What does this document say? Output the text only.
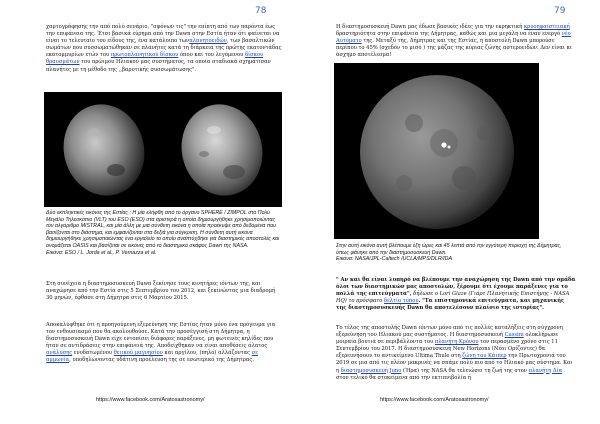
78

χαρτογράφησης την από πολύ σενάριο, "σφόνων τις" την επίπτη από των παρόντα έως την επιφάνεια της. Έτσι βασικά εύρημα από την Dawn στην Εστία ήταν ότι φαίνεται να είναι το τελευταίο του είδους της, ένα κατάλοιπο τωνπλανητοειδών, των βασαλτικών σωμάτων που συσσωματώθηκαν σε πλανήτες κατά τη διάρκεια της πρώτης εκατοντάδας εκατομμυρίων ετών του πρωτοπλανητικού δίσκου όπου και του λεγόμενου δίσκου θραυσμάτων του πρώιμου Ηλιακού μας συστήματος, τα οποία σταδιακά σχημάτισαν πλανήτες με τη μέθοδο της ,,βαρυτικής συσσωμάτωσης".

Δύο εκπληκτικές εικόνες της Εστίας : Η μία ελήφθη από το όργανο SPHERE / ZIMPOL στο Πολύ Μεγάλο Τηλεσκόπιο (VLT) του ESO (ESO) στα αριστερά η οποία δημιουργήθηκε χρησιμοποιώντας τον αλγόριθμο MISTRAL, και μία άλλη με μια σύνθετη εικόνα η οποία προέκυψε από δεδομένα που βασίζονται στο διάστημα, και εμφανίζονται στα δεξιά για σύγκριση. Η σύνθετη αυτή εικόνα δημιουργήθηκε χρησιμοποιώντας ένα εργαλείο το οποίο αναπτύχθηκε για διαστημικές αποστολές και ονομάζεται OASIS και βασίζεται σε εικόνες από το διαστημικό σκάφος Dawn της NASA.
Εικόνα: ESO / L. Jorda et al., P. Vernazza et al.

Στη συνέχεια η διαστημοσυσκευή Dawn ξεκίνησε τους κινητήρες ιόντων της, και αναχώρησε από την Εστία στις 5 Σεπτεμβρίου του 2012, και ξεκίνώντας μια διαδρομή 30 μηνών, έφθασε στη Δήμητρα στις 6 Μαρτίου 2015.

Αποκαλύφθηκε ότι η προηγούμενη εξερεύνηση της Εστίας ήταν μόνο ένα πρόγευμα για τον ενθουσιασμό που θα ακολουθούσε. Κατά την προσέγγισή στη Δήμητρα, η διαστημοσυσκευή Dawn είχε εντοπίσει διάφορες παράξενες, μη φωτεινές κηλίδες που ήταν σε αντιδράσεις στην επιφάνειά της. Αποδείχθηκαν να είναι αποθέσεις άλατος ανάλυσης ενυδατωμένου θειικού μαγνησίου και αργίλου, (πηλό) αλλάζοντας σε αμμωνία, υποδηλώνοντας υδάτινη προέλευση της σε εσωτερικό της Δήμητρας.

https://www.facebook.com/Aratosastronomy/
79

Η διαστημοσυσκευή Dawn μας έδωσε βασικές ιδέες για την εκρηκτική κρυοηφαιστειακή δραστηριότητα στην επιφάνεια της Δήμητρας, καθώς και μια μεγάλη να έναν ενεργό νέο Αυτόματο της. Μεταξύ της, Δήμητρας και της Εστίας, η αποστολή Dawn μπορούσε περίπου το 45% (σχεδόν το μισό ) της μάζας της κύριας ζώνης αστεροειδών. Δεν είναι κι άσχημο αποτέλεσμα!

Στην αυτή εικόνα αυτή βλέπουμε έξη ώρες και 45 λεπτά από την εγγύτερη περιοχή της Δήμητρας, όπως φάνηκε από την διαστημοσυσκευή Dawn.
Εικόνα: NASA/JPL-Caltech /UCLA/MPS/DLR/IDA

" Αν και θα είναι λυπηρό να βλέπουμε την αναχώρηση της Dawn από την ομάδα όλοι των διαστημικών μας αποστολών, ξέρουμε ότι έχουμε παράξενες για το πολλά της επιτεύγματα", δήλωσε ο Lori Glaze (Γιάρτ Πλανητικής Επιστήμης - NASA HQ) το πρόσφατο δελτίο τύπου. "Τα επιστημονικά επιτεύγματα, και μηχανικής της διαστημοσυσκευής Dawn θα αποτελέσουν πλαίσιο της ιστορίας".

Το τέλος της αποστολής Dawn ιόντων μόνο από τις πολλές καταλήξεις στη σύγχρονη εξερεύνηση του Ηλιακού μας συστήματος. Η διαστημοσυσκευή Cassini ολοκλήρωσε μοιραία βουτιά σε περιβάλλοντα του πλανήτη Κρόνου τον περασμένο χρόνο στις 11 Σεπτεμβρίου του 2017. Η διαστημοσυσκευή New Horizons (Νέοι Ορίζοντες) θα εξερευνήσουν το αντικείμενο Ultima Thule στη ζώνη του Κάιπερ την Πρωτοχρονιά του 2019 σε μια από τις πλέον μακρινές να σπάμε πολύ πιο από το Ηλιακό μας σύστημα. Και η διαστημοσυσκευή Juno (Ήρα) της NASA θα τελειώσει τη ζωή της στον πλανήτη Δία στον τελικό θα στοκείμενα από την εκτιπνιβολία ή

https://www.facebook.com/Aratosastronomy/
